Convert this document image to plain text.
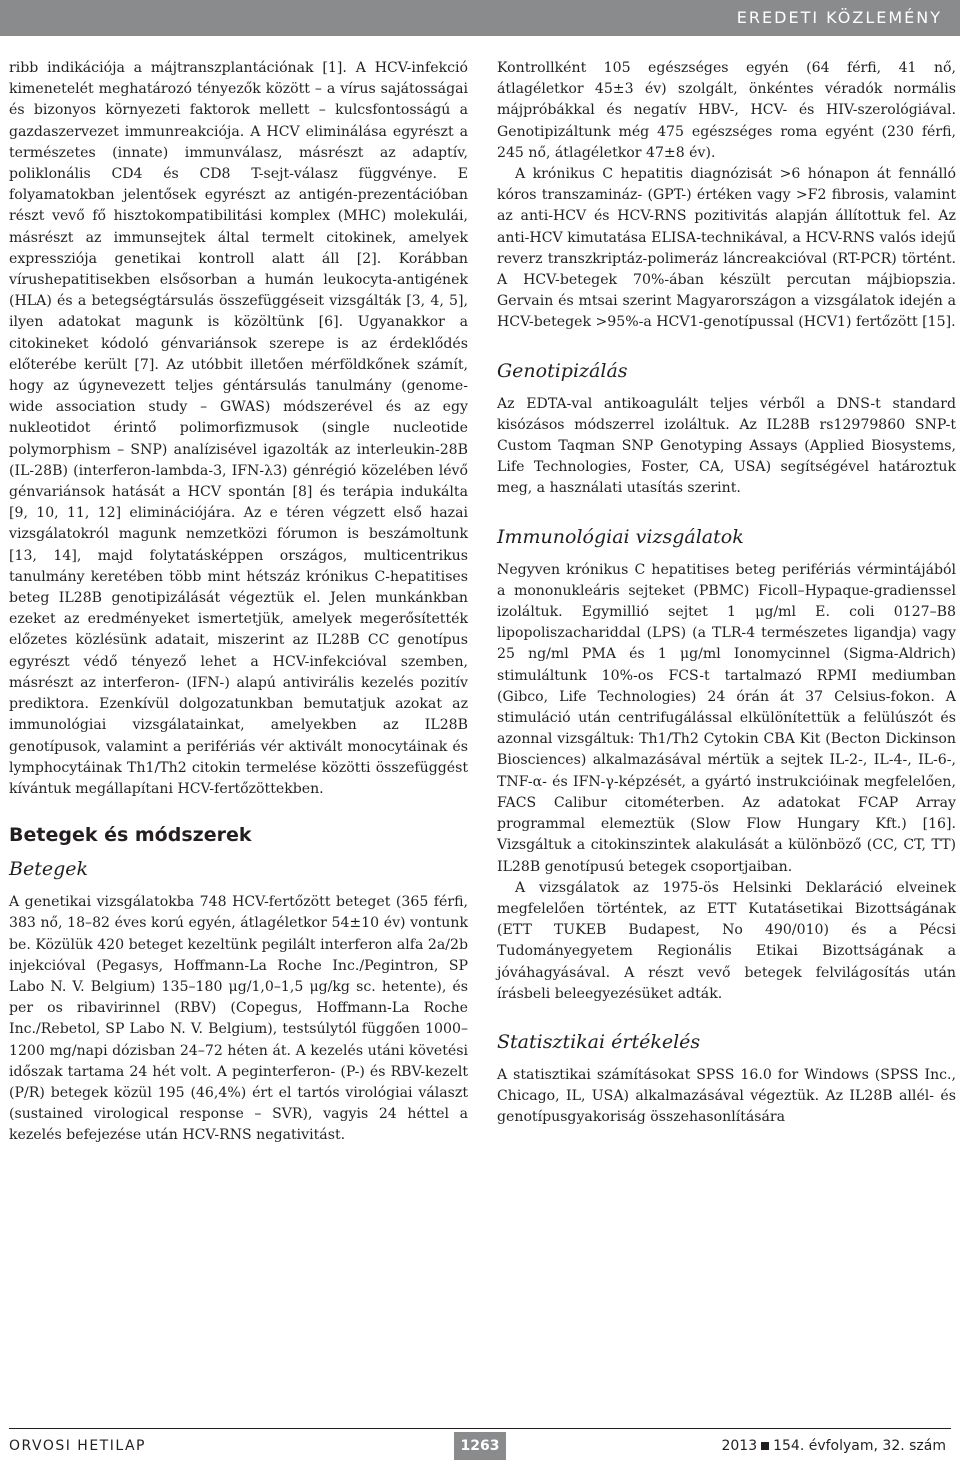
EREDETI KÖZLEMÉNY

ribb indikációja a májtranszplantációnak [1]. A HCV-infekció kimenetelét meghatározó tényezők között – a vírus sajátosságai és bizonyos környezeti faktorok mellett – kulcsfontosságú a gazdaszervezet immunreakciója. A HCV eliminálása egyrészt a természetes (innate) immunválasz, másrészt az adaptív, poliklonális CD4 és CD8 T-sejt-válasz függvénye. E folyamatokban jelentősek egyrészt az antigén-prezentációban részt vevő fő hisztokompatibilitási komplex (MHC) molekulái, másrészt az immunsejtek által termelt citokinek, amelyek expressziója genetikai kontroll alatt áll [2]. Korábban vírushepatitisekben elsősorban a humán leukocyta-antigének (HLA) és a betegségtársulás összefüggéseit vizsgálták [3, 4, 5], ilyen adatokat magunk is közöltünk [6]. Ugyanakkor a citokineket kódoló génvariánsok szerepe is az érdeklődés előterébe került [7]. Az utóbbit illetően mérföldkőnek számít, hogy az úgynevezett teljes géntársulás tanulmány (genome-wide association study – GWAS) módszerével és az egy nukleotidot érintő polimorfizmusok (single nucleotide polymorphism – SNP) analízisével igazolták az interleukin-28B (IL-28B) (interferon-lambda-3, IFN-λ3) génrégió közelében lévő génvariánsok hatását a HCV spontán [8] és terápia indukálta [9, 10, 11, 12] eliminációjára. Az e téren végzett első hazai vizsgálatokról magunk nemzetközi fórumon is beszámoltunk [13, 14], majd folytatásképpen országos, multicentrikus tanulmány keretében több mint hétszáz krónikus C-hepatitises beteg IL28B genotipizálását végeztük el. Jelen munkánkban ezeket az eredményeket ismertetjük, amelyek megerősítették előzetes közlésünk adatait, miszerint az IL28B CC genotípus egyrészt védő tényező lehet a HCV-infekcióval szemben, másrészt az interferon- (IFN-) alapú antivirális kezelés pozitív prediktora. Ezenkívül dolgozatunkban bemutatjuk azokat az immunológiai vizsgálatainkat, amelyekben az IL28B genotípusok, valamint a perifériás vér aktivált monocytáinak és lymphocytáinak Th1/Th2 citokin termelése közötti összefüggést kívántuk megállapítani HCV-fertőzöttekben.

Betegek és módszerek
Betegek

A genetikai vizsgálatokba 748 HCV-fertőzött beteget (365 férfi, 383 nő, 18–82 éves korú egyén, átlagéletkor 54±10 év) vontunk be. Közülük 420 beteget kezeltünk pegilált interferon alfa 2a/2b injekcióval (Pegasys, Hoffmann-La Roche Inc./Pegintron, SP Labo N. V. Belgium) 135–180 μg/1,0–1,5 μg/kg sc. hetente), és per os ribavirinnel (RBV) (Copegus, Hoffmann-La Roche Inc./Rebetol, SP Labo N. V. Belgium), testsúlytól függően 1000–1200 mg/napi dózisban 24–72 héten át. A kezelés utáni követési időszak tartama 24 hét volt. A peginterferon- (P-) és RBV-kezelt (P/R) betegek közül 195 (46,4%) ért el tartós virológiai választ (sustained virological response – SVR), vagyis 24 héttel a kezelés befejezése után HCV-RNS negativitást.

Kontrollként 105 egészséges egyén (64 férfi, 41 nő, átlagéletkor 45±3 év) szolgált, önkéntes véradók normális májpróbákkal és negatív HBV-, HCV- és HIV-szerológiával. Genotipizáltunk még 475 egészséges roma egyént (230 férfi, 245 nő, átlagéletkor 47±8 év).

A krónikus C hepatitis diagnózisát >6 hónapon át fennálló kóros transzamináz- (GPT-) értéken vagy >F2 fibrosis, valamint az anti-HCV és HCV-RNS pozitivitás alapján állítottuk fel. Az anti-HCV kimutatása ELISA-technikával, a HCV-RNS valós idejű reverz transzkriptáz-polimeráz láncreakcióval (RT-PCR) történt. A HCV-betegek 70%-ában készült percutan májbiopszia. Gervain és mtsai szerint Magyarországon a vizsgálatok idején a HCV-betegek >95%-a HCV1-genotípussal (HCV1) fertőzött [15].

Genotipizálás

Az EDTA-val antikoagulált teljes vérből a DNS-t standard kisózásos módszerrel izoláltuk. Az IL28B rs12979860 SNP-t Custom Taqman SNP Genotyping Assays (Applied Biosystems, Life Technologies, Foster, CA, USA) segítségével határoztuk meg, a használati utasítás szerint.

Immunológiai vizsgálatok

Negyven krónikus C hepatitises beteg perifériás vérmintájából a mononukleáris sejteket (PBMC) Ficoll–Hypaque-gradienssel izoláltuk. Egymillió sejtet 1 μg/ml E. coli 0127–B8 lipopoliszachariddal (LPS) (a TLR-4 természetes ligandja) vagy 25 ng/ml PMA és 1 μg/ml Ionomycinnel (Sigma-Aldrich) stimuláltunk 10%-os FCS-t tartalmazó RPMI mediumban (Gibco, Life Technologies) 24 órán át 37 Celsius-fokon. A stimuláció után centrifugálással elkülönítettük a felülúszót és azonnal vizsgáltuk: Th1/Th2 Cytokin CBA Kit (Becton Dickinson Biosciences) alkalmazásával mértük a sejtek IL-2-, IL-4-, IL-6-, TNF-α- és IFN-γ-képzését, a gyártó instrukcióinak megfelelően, FACS Calibur citométerben. Az adatokat FCAP Array programmal elemeztük (Slow Flow Hungary Kft.) [16]. Vizsgáltuk a citokinszintek alakulását a különböző (CC, CT, TT) IL28B genotípusú betegek csoportjaiban.

A vizsgálatok az 1975-ös Helsinki Deklaráció elveinek megfelelően történtek, az ETT Kutatásetikai Bizottságának (ETT TUKEB Budapest, No 490/010) és a Pécsi Tudományegyetem Regionális Etikai Bizottságának a jóváhagyásával. A részt vevő betegek felvilágosítás után írásbeli beleegyezésüket adták.

Statisztikai értékelés

A statisztikai számításokat SPSS 16.0 for Windows (SPSS Inc., Chicago, IL, USA) alkalmazásával végeztük. Az IL28B allél- és genotípusgyakoriság összehasonlítására

ORVOSI HETILAP	1263	2013 154. évfolyam, 32. szám
